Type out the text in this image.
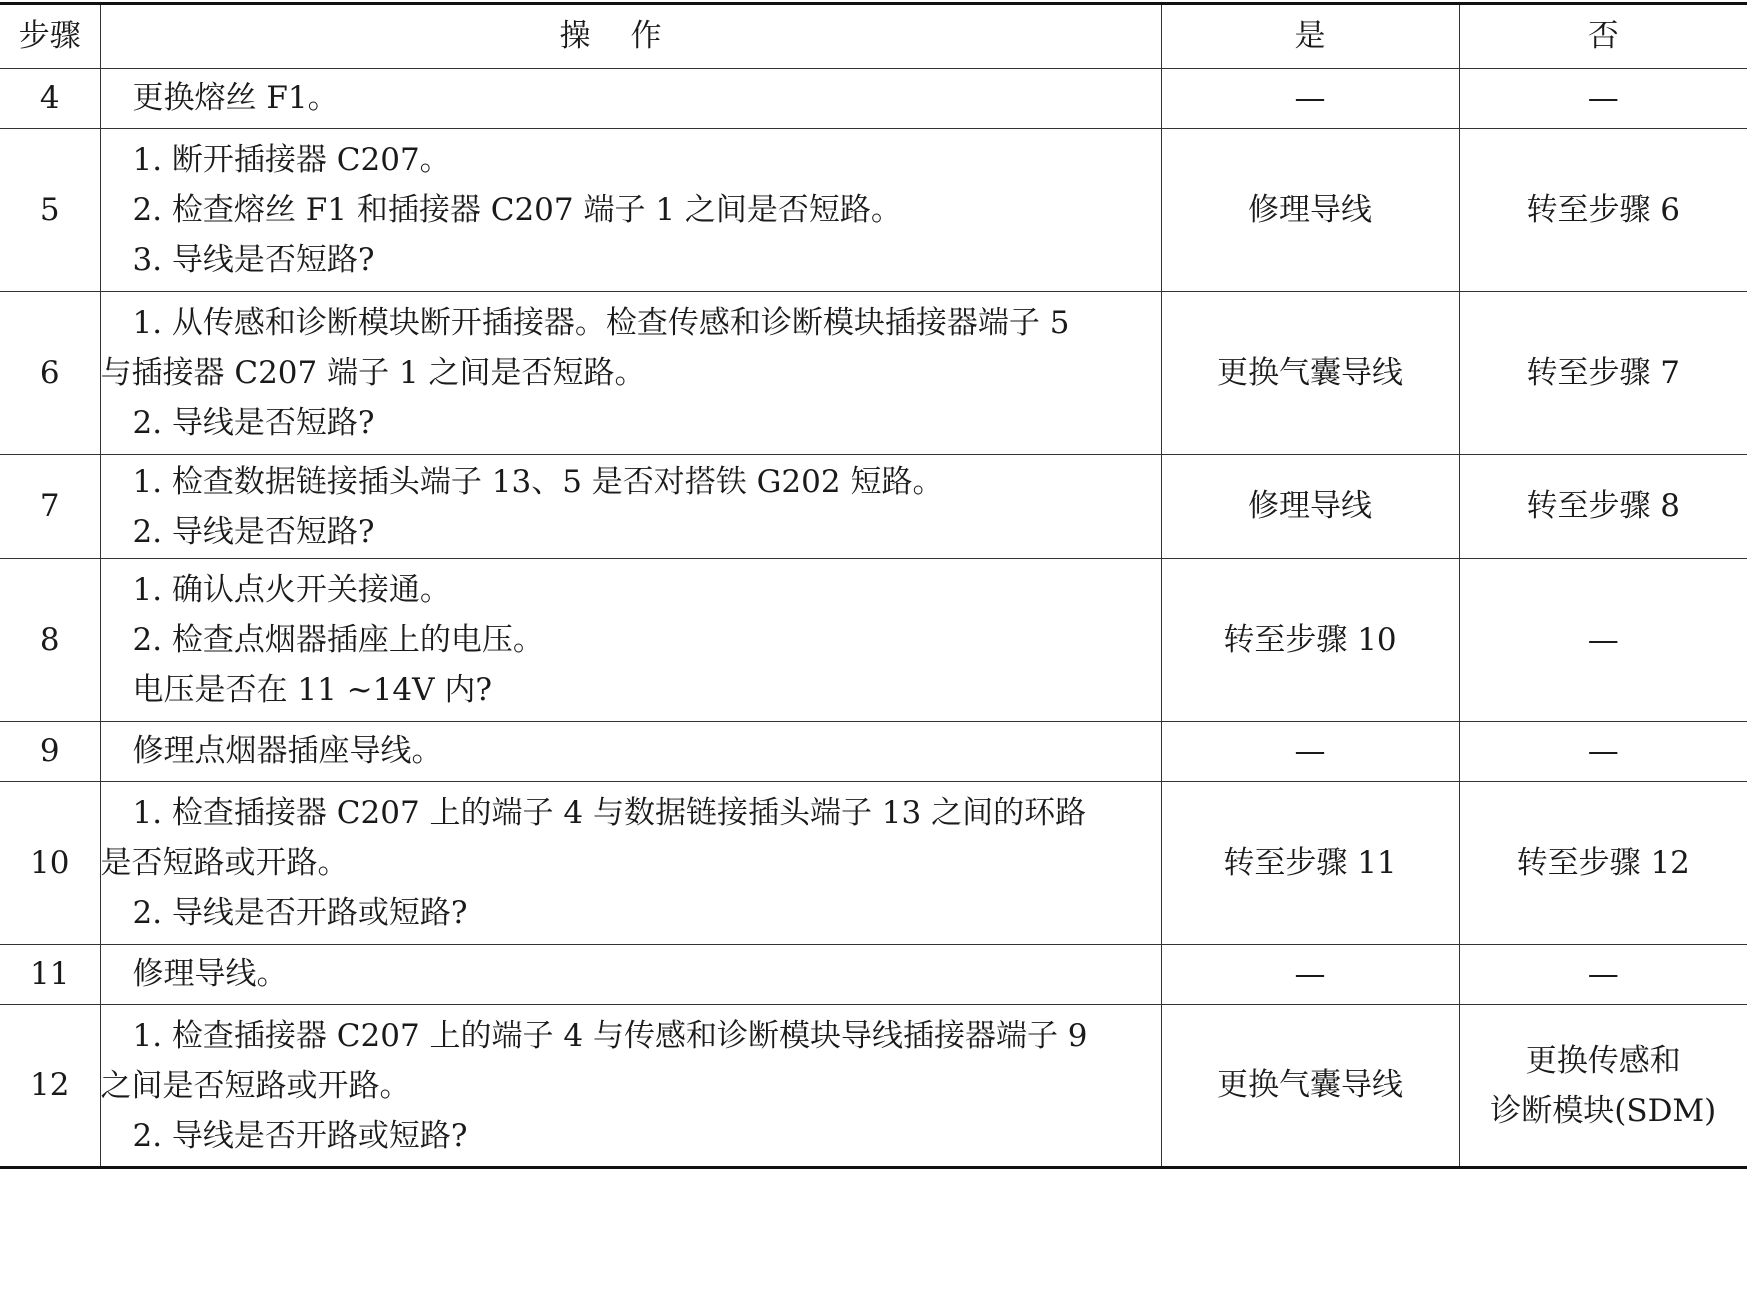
步骤	操作	是	否
4	更换熔丝 F1。	—	—
5	1. 断开插接器 C207。
2. 检查熔丝 F1 和插接器 C207 端子 1 之间是否短路。
3. 导线是否短路?	修理导线	转至步骤 6
6	1. 从传感和诊断模块断开插接器。检查传感和诊断模块插接器端子 5
与插接器 C207 端子 1 之间是否短路。
2. 导线是否短路?	更换气囊导线	转至步骤 7
7	1. 检查数据链接插头端子 13、5 是否对搭铁 G202 短路。
2. 导线是否短路?	修理导线	转至步骤 8
8	1. 确认点火开关接通。
2. 检查点烟器插座上的电压。
电压是否在 11 ~14V 内?	转至步骤 10	—
9	修理点烟器插座导线。	—	—
10	1. 检查插接器 C207 上的端子 4 与数据链接插头端子 13 之间的环路
是否短路或开路。
2. 导线是否开路或短路?	转至步骤 11	转至步骤 12
11	修理导线。	—	—
12	1. 检查插接器 C207 上的端子 4 与传感和诊断模块导线插接器端子 9
之间是否短路或开路。
2. 导线是否开路或短路?	更换气囊导线	更换传感和
诊断模块(SDM)
